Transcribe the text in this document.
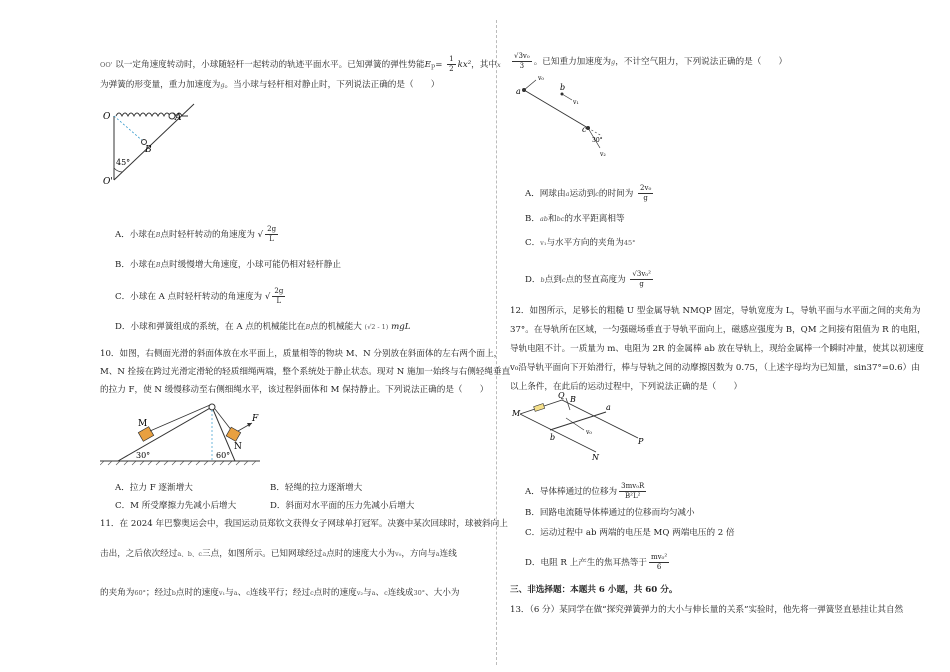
OO' 以一定角速度转动时，小球随轻杆一起转动的轨迹平面水平。已知弹簧的弹性势能$E_P= \frac{1}{2} kx^2$，其中x
为弹簧的形变量，重力加速度为g。当小球与轻杆相对静止时，下列说法正确的是（　　）
O	A
B
O'
45°
A．小球在B点时轻杆转动的角速度为 √ $\frac{2g}{L}$
B．小球在B点时缓慢增大角速度，小球可能仍相对轻杆静止
C．小球在 A 点时轻杆转动的角速度为 √ $\frac{2g}{L}$
D．小球和弹簧组成的系统，在 A 点的机械能比在B点的机械能大 (√2 - 1) mgL
10．如图，右侧面光滑的斜面体放在水平面上，质量相等的物块 M、N 分别放在斜面体的左右两个面上，
M、N 拴接在跨过光滑定滑轮的轻质细绳两端，整个系统处于静止状态。现对 N 施加一始终与右侧轻绳垂直
的拉力 F，使 N 缓慢移动至右侧细绳水平，该过程斜面体和 M 保持静止。下列说法正确的是（　　）
M
N
F
30°	60°
A．拉力 F 逐渐增大	B．轻绳的拉力逐渐增大
C．M 所受摩擦力先减小后增大	D．斜面对水平面的压力先减小后增大
11．在 2024 年巴黎奥运会中，我国运动员郑钦文获得女子网球单打冠军。决赛中某次回球时，球被斜向上
击出，之后依次经过a、b、c三点，如图所示。已知网球经过a点时的速度大小为v₀，方向与a连线
的夹角为60°；经过b点时的速度v₁与a、c连线平行；经过c点时的速度v₂与a、c连线成30°、大小为
$\frac{\text{√3v₀}}{3}$ 。已知重力加速度为g，不计空气阻力，下列说法正确的是（　　）
a	b
c
v₀
v₁
v₂
30°
A．网球由a运动到c的时间为 $\frac{\text{2v₀}}{g}$
B．ab和bc的水平距离相等
C．v₁与水平方向的夹角为45°
D．b点到c点的竖直高度为 $\frac{\text{√3v₀²}}{g}$
12．如图所示，足够长的粗糙 U 型金属导轨 NMQP 固定，导轨宽度为 L，导轨平面与水平面之间的夹角为
37°。在导轨所在区域，一匀强磁场垂直于导轨平面向上，磁感应强度为 B，QM 之间接有阻值为 R 的电阻，
导轨电阻不计。一质量为 m、电阻为 2R 的金属棒 ab 放在导轨上，现给金属棒一个瞬时冲量，使其以初速度
v₀沿导轨平面向下开始滑行，棒与导轨之间的动摩擦因数为 0.75，（上述字母均为已知量，sin37°=0.6）由
以上条件，在此后的运动过程中，下列说法正确的是（　　）
M
Q B
a
b
v₀
P
N
A．导体棒通过的位移为 $\frac{\text{3mv₀R}}{\text{B²L²}}$
B．回路电流随导体棒通过的位移而均匀减小
C．运动过程中 ab 两端的电压是 MQ 两端电压的 2 倍
D．电阻 R 上产生的焦耳热等于 $\frac{\text{mv₀²}}{6}$
三、非选择题：本题共 6 小题，共 60 分。
13．（6 分）某同学在做“探究弹簧弹力的大小与伸长量的关系”实验时，他先将一弹簧竖直悬挂让其自然
